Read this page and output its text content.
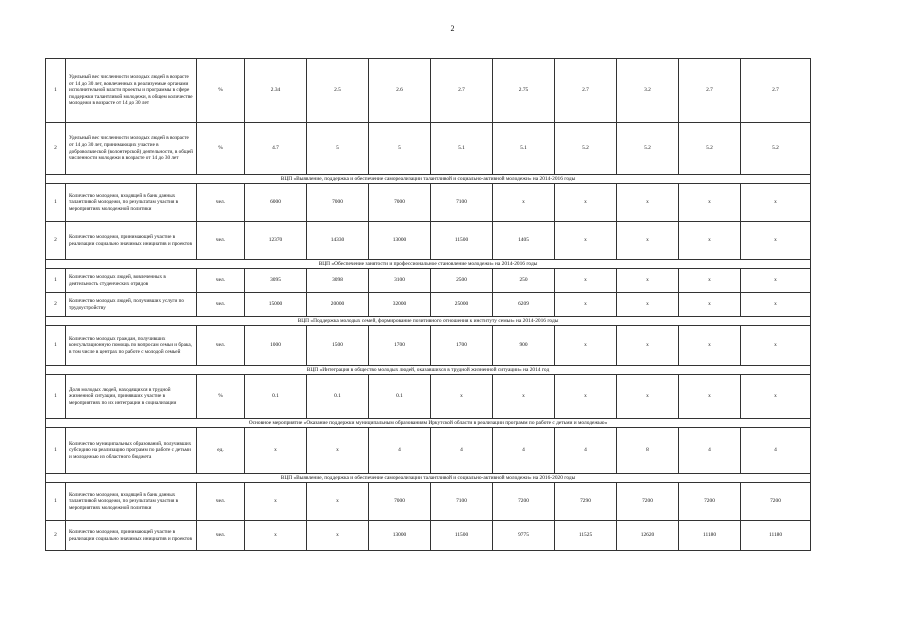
2
1	Удельный вес численности молодых людей в возрасте от 14 до 30 лет, вовлеченных в реализуемые органами исполнительной власти проекты и программы в сфере поддержки талантливой молодежи, в общем количестве молодежи в возрасте от 14 до 30 лет	%	2.34	2.5	2.6	2.7	2.75	2.7	3.2	2.7	2.7
2	Удельный вес численности молодых людей в возрасте от 14 до 30 лет, принимающих участие в добровольческой (волонтерской) деятельности, в общей численности молодежи в возрасте от 14 до 30 лет	%	4.7	5	5	5.1	5.1	5.2	5.2	5.2	5.2
ВЦП «Выявление, поддержка и обеспечение самореализации талантливой и социально-активной молодежи» на 2014-2016 годы											
1	Количество молодежи, входящей в банк данных талантливой молодежи, по результатам участия в мероприятиях молодежной политики	чел.	6000	7000	7000	7100	х	х	х	х	х
2	Количество молодежи, принимающей участие в реализации социально значимых инициатив и проектов	чел.	12370	14330	13000	11500	1405	х	х	х	х
ВЦП «Обеспечение занятости и профессиональное становление молодежи» на 2014-2016 годы											
1	Количество молодых людей, вовлеченных в деятельность студенческих отрядов	чел.	3095	3098	3100	2500	250	х	х	х	х
2	Количество молодых людей, получивших услуги по трудоустройству	чел.	15000	20000	32000	25000	6209	х	х	х	х
ВЦП «Поддержка молодых семей, формирование позитивного отношения к институту семьи» на 2014-2016 годы											
1	Количество молодых граждан, получивших консультационную помощь по вопросам семьи и брака, в том числе в центрах по работе с молодой семьей	чел.	1000	1500	1700	1700	900	х	х	х	х
ВЦП «Интеграция в общество молодых людей, оказавшихся в трудной жизненной ситуации» на 2014 год											
1	Доля молодых людей, находящихся в трудной жизненной ситуации, принявших участие в мероприятиях по их интеграции в социализации	%	0.1	0.1	0.1	х	х	х	х	х	х
Основное мероприятие «Оказание поддержки муниципальным образованиям Иркутской области в реализации программ по работе с детьми и молодежью»											
1	Количество муниципальных образований, получивших субсидию на реализацию программ по работе с детьми и молодежью из областного бюджета	ед.	х	х	4	4	4	4	8	4	4
ВЦП «Выявление, поддержка и обеспечение самореализации талантливой и социально-активной молодежи» на 2016-2020 годы											
1	Количество молодежи, входящей в банк данных талантливой молодежи, по результатам участия в мероприятиях молодежной политики	чел.	х	х	7000	7100	7200	7290	7200	7200	7200
2	Количество молодежи, принимающей участие в реализации социально значимых инициатив и проектов	чел.	х	х	13000	11500	9775	11525	12620	11180	11180
